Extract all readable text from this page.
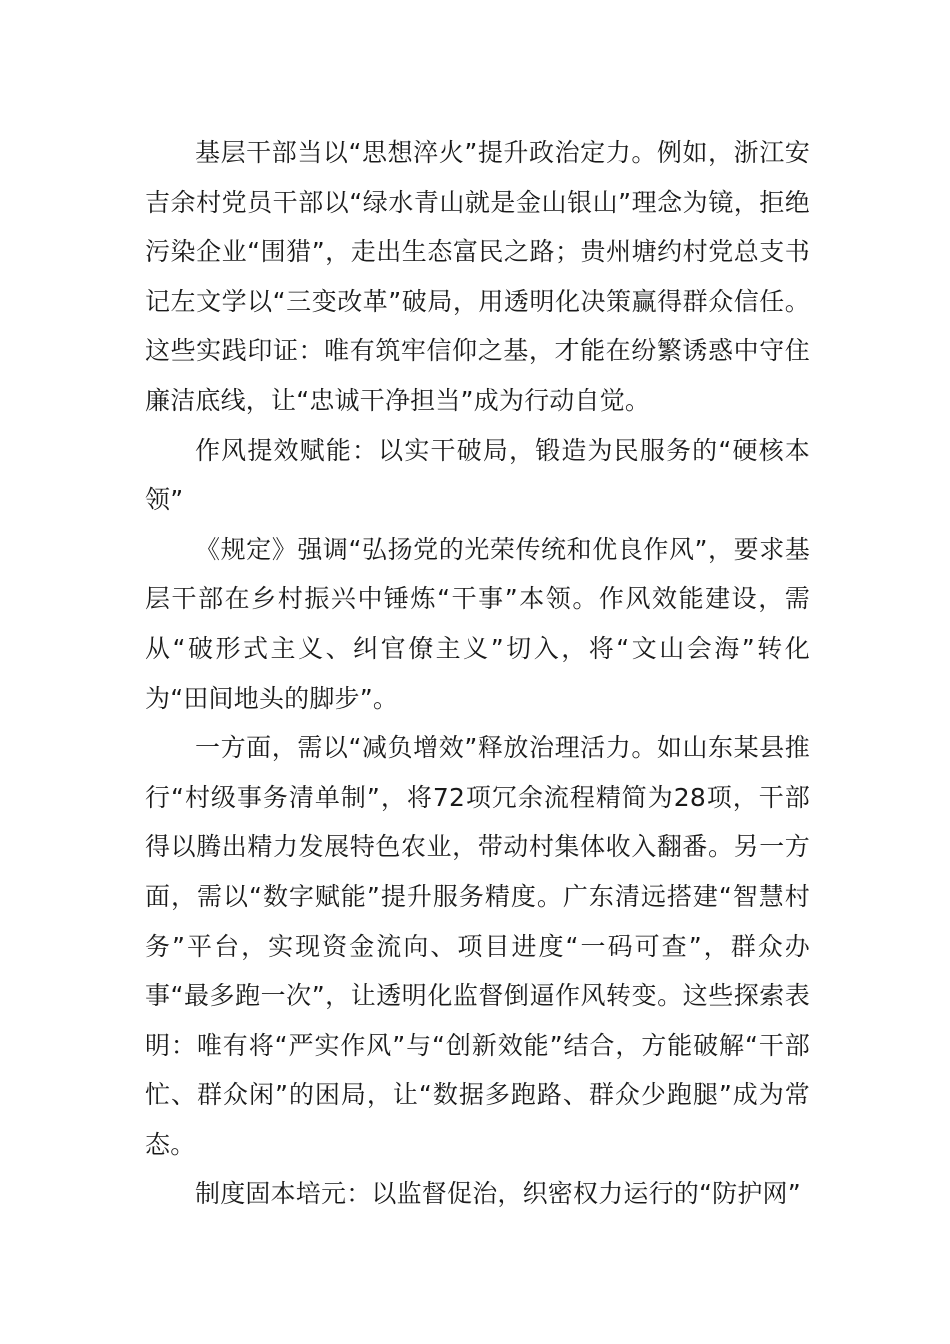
基层干部当以“思想淬火”提升政治定力。例如，浙江安吉余村党员干部以“绿水青山就是金山银山”理念为镜，拒绝污染企业“围猎”，走出生态富民之路；贵州塘约村党总支书记左文学以“三变改革”破局，用透明化决策赢得群众信任。这些实践印证：唯有筑牢信仰之基，才能在纷繁诱惑中守住廉洁底线，让“忠诚干净担当”成为行动自觉。

作风提效赋能：以实干破局，锻造为民服务的“硬核本领”

《规定》强调“弘扬党的光荣传统和优良作风”，要求基层干部在乡村振兴中锤炼“干事”本领。作风效能建设，需从“破形式主义、纠官僚主义”切入，将“文山会海”转化为“田间地头的脚步”。

一方面，需以“减负增效”释放治理活力。如山东某县推行“村级事务清单制”，将72项冗余流程精简为28项，干部得以腾出精力发展特色农业，带动村集体收入翻番。另一方面，需以“数字赋能”提升服务精度。广东清远搭建“智慧村务”平台，实现资金流向、项目进度“一码可查”，群众办事“最多跑一次”，让透明化监督倒逼作风转变。这些探索表明：唯有将“严实作风”与“创新效能”结合，方能破解“干部忙、群众闲”的困局，让“数据多跑路、群众少跑腿”成为常态。

制度固本培元：以监督促治，织密权力运行的“防护网”
